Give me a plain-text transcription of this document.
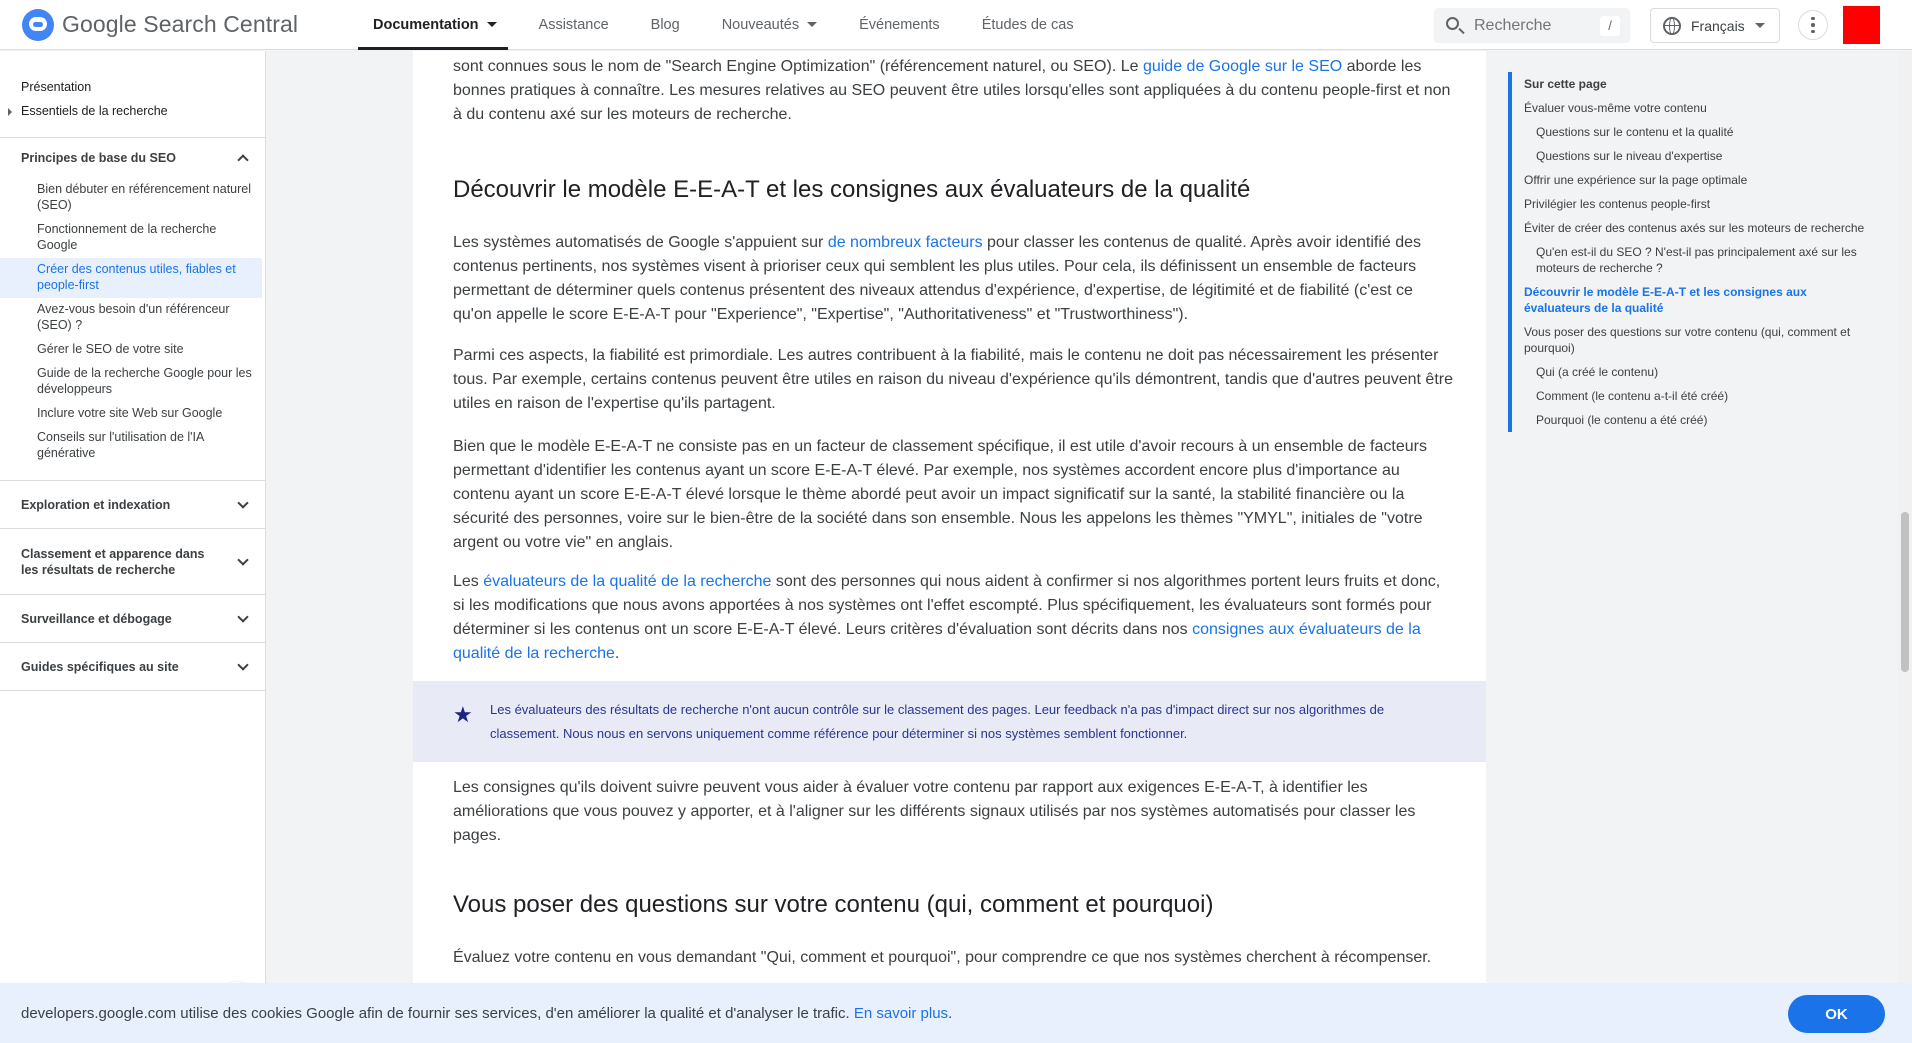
Google Search Central	Documentation	Assistance	Blog	Nouveautés	Événements	Études de cas
Recherche	/	Français
Présentation
Essentiels de la recherche
Principes de base du SEO
Bien débuter en référencement naturel (SEO)
Fonctionnement de la recherche Google
Créer des contenus utiles, fiables et people-first
Avez-vous besoin d'un référenceur (SEO) ?
Gérer le SEO de votre site
Guide de la recherche Google pour les développeurs
Inclure votre site Web sur Google
Conseils sur l'utilisation de l'IA générative
Exploration et indexation
Classement et apparence dans les résultats de recherche
Surveillance et débogage
Guides spécifiques au site

sont connues sous le nom de "Search Engine Optimization" (référencement naturel, ou SEO). Le guide de Google sur le SEO aborde les bonnes pratiques à connaître. Les mesures relatives au SEO peuvent être utiles lorsqu'elles sont appliquées à du contenu people-first et non à du contenu axé sur les moteurs de recherche.

Découvrir le modèle E-E-A-T et les consignes aux évaluateurs de la qualité

Les systèmes automatisés de Google s'appuient sur de nombreux facteurs pour classer les contenus de qualité. Après avoir identifié des contenus pertinents, nos systèmes visent à prioriser ceux qui semblent les plus utiles. Pour cela, ils définissent un ensemble de facteurs permettant de déterminer quels contenus présentent des niveaux attendus d'expérience, d'expertise, de légitimité et de fiabilité (c'est ce qu'on appelle le score E-E-A-T pour "Experience", "Expertise", "Authoritativeness" et "Trustworthiness").

Parmi ces aspects, la fiabilité est primordiale. Les autres contribuent à la fiabilité, mais le contenu ne doit pas nécessairement les présenter tous. Par exemple, certains contenus peuvent être utiles en raison du niveau d'expérience qu'ils démontrent, tandis que d'autres peuvent être utiles en raison de l'expertise qu'ils partagent.

Bien que le modèle E-E-A-T ne consiste pas en un facteur de classement spécifique, il est utile d'avoir recours à un ensemble de facteurs permettant d'identifier les contenus ayant un score E-E-A-T élevé. Par exemple, nos systèmes accordent encore plus d'importance au contenu ayant un score E-E-A-T élevé lorsque le thème abordé peut avoir un impact significatif sur la santé, la stabilité financière ou la sécurité des personnes, voire sur le bien-être de la société dans son ensemble. Nous les appelons les thèmes "YMYL", initiales de "votre argent ou votre vie" en anglais.

Les évaluateurs de la qualité de la recherche sont des personnes qui nous aident à confirmer si nos algorithmes portent leurs fruits et donc, si les modifications que nous avons apportées à nos systèmes ont l'effet escompté. Plus spécifiquement, les évaluateurs sont formés pour déterminer si les contenus ont un score E-E-A-T élevé. Leurs critères d'évaluation sont décrits dans nos consignes aux évaluateurs de la qualité de la recherche.

★ Les évaluateurs des résultats de recherche n'ont aucun contrôle sur le classement des pages. Leur feedback n'a pas d'impact direct sur nos algorithmes de classement. Nous nous en servons uniquement comme référence pour déterminer si nos systèmes semblent fonctionner.

Les consignes qu'ils doivent suivre peuvent vous aider à évaluer votre contenu par rapport aux exigences E-E-A-T, à identifier les améliorations que vous pouvez y apporter, et à l'aligner sur les différents signaux utilisés par nos systèmes automatisés pour classer les pages.

Vous poser des questions sur votre contenu (qui, comment et pourquoi)

Évaluez votre contenu en vous demandant "Qui, comment et pourquoi", pour comprendre ce que nos systèmes cherchent à récompenser.

Sur cette page
Évaluer vous-même votre contenu
Questions sur le contenu et la qualité
Questions sur le niveau d'expertise
Offrir une expérience sur la page optimale
Privilégier les contenus people-first
Éviter de créer des contenus axés sur les moteurs de recherche
Qu'en est-il du SEO ? N'est-il pas principalement axé sur les moteurs de recherche ?
Découvrir le modèle E-E-A-T et les consignes aux évaluateurs de la qualité
Vous poser des questions sur votre contenu (qui, comment et pourquoi)
Qui (a créé le contenu)
Comment (le contenu a-t-il été créé)
Pourquoi (le contenu a été créé)

developers.google.com utilise des cookies Google afin de fournir ses services, d'en améliorer la qualité et d'analyser le trafic. En savoir plus.	OK
